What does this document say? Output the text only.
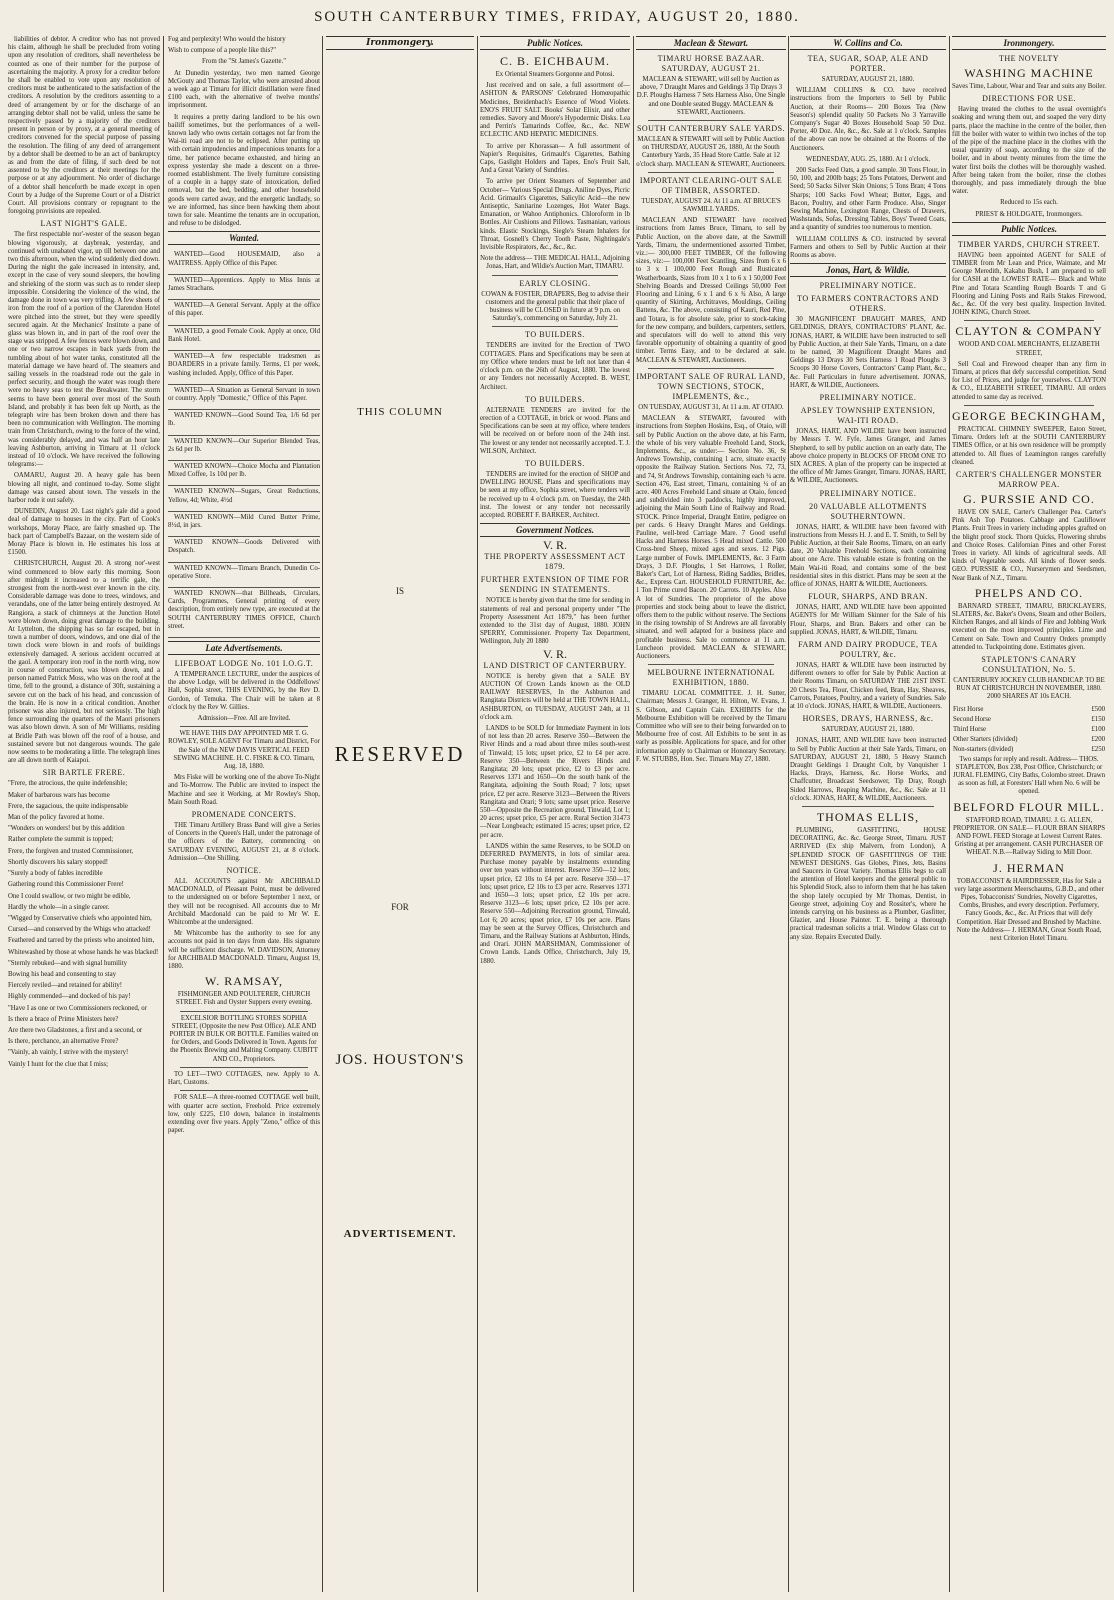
SOUTH CANTERBURY TIMES, FRIDAY, AUGUST 20, 1880.

liabilities of debtor. A creditor who has not proved his claim, although he shall be precluded from voting upon any resolution of creditors, shall nevertheless be counted as one of their number for the purpose of ascertaining the majority. A proxy for a creditor before he shall be enabled to vote upon any resolution of creditors must be authenticated to the satisfaction of the creditors. A resolution by the creditors assenting to a deed of arrangement by or for the discharge of an arranging debtor shall not be valid, unless the same be respectively passed by a majority of the creditors present in person or by proxy, at a general meeting of creditors convened for the special purpose of passing the resolution. The filing of any deed of arrangement by a debtor shall be deemed to be an act of bankruptcy as and from the date of filing, if such deed be not assented to by the creditors at their meetings for the purpose or at any adjournment. No order of discharge of a debtor shall henceforth be made except in open Court by a Judge of the Supreme Court or of a District Court. All provisions contrary or repugnant to the foregoing provisions are repealed.

LAST NIGHT'S GALE.

The first respectable nor'-wester of the season began blowing vigorously, at daybreak, yesterday, and continued with unabated vigor, up till between one and two this afternoon, when the wind suddenly died down. During the night the gale increased in intensity, and, except in the case of very sound sleepers, the howling and shrieking of the storm was such as to render sleep impossible. Considering the violence of the wind, the damage done in town was very trifling. A few sheets of iron from the roof of a portion of the Clarendon Hotel were pitched into the street, but they were speedily secured again. At the Mechanics' Institute a pane of glass was blown in, and in part of the roof over the stage was stripped. A few fences were blown down, and one or two narrow escapes in back yards from the tumbling about of hot water tanks, constituted all the material damage we have heard of. The steamers and sailing vessels in the roadstead rode out the gale in perfect security, and though the water was rough there were no heavy seas to test the Breakwater. The storm seems to have been general over most of the South Island, and probably it has been felt up North, as the telegraph wire has been broken down and there has been no communication with Wellington. The morning train from Christchurch, owing to the force of the wind, was considerably delayed, and was half an hour late leaving Ashburton, arriving in Timaru at 11 o'clock instead of 10 o'clock. We have received the following telegrams:—

OAMARU, August 20. A heavy gale has been blowing all night, and continued to-day. Some slight damage was caused about town. The vessels in the harbor rode it out safely.

DUNEDIN, August 20. Last night's gale did a good deal of damage to houses in the city. Part of Cook's workshops, Moray Place, are fairly smashed up. The back part of Campbell's Bazaar, on the western side of Moray Place is blown in. He estimates his loss at £1500.

CHRISTCHURCH, August 20. A strong nor'-west wind commenced to blow early this morning. Soon after midnight it increased to a terrific gale, the strongest from the north-west ever known in the city. Considerable damage was done to trees, windows, and verandahs, one of the latter being entirely destroyed. At Rangiora, a stack of chimneys at the Junction Hotel were blown down, doing great damage to the building. At Lyttelton, the shipping has so far escaped, but in town a number of doors, windows, and one dial of the town clock were blown in and roofs of buildings extensively damaged. A serious accident occurred at the gaol. A temporary iron roof in the north wing, now in course of construction, was blown down, and a person named Patrick Moss, who was on the roof at the time, fell to the ground, a distance of 30ft, sustaining a severe cut on the back of his head, and concussion of the brain. He is now in a critical condition. Another prisoner was also injured, but not seriously. The high fence surrounding the quarters of the Maori prisoners was also blown down. A son of Mr Williams, residing at Bridle Path was blown off the roof of a house, and sustained severe but not dangerous wounds. The gale now seems to be moderating a little. The telegraph lines are all down north of Kaiapoi.

SIR BARTLE FRERE.

"Frere, the atrocious, the quite indefensible;

Maker of barbarous wars has become

Frere, the sagacious, the quite indispensable

Man of the policy favored at home.

"Wonders on wonders! but by this addition

Rather complete the summit is topped;

Frere, the forgiven and trusted Commissioner,

Shortly discovers his salary stopped!

"Surely a body of fables incredible

Gathering round this Commissioner Frere!

One I could swallow, or two might be edible,

Hardly the whole—in a single career.

"Wigged by Conservative chiefs who appointed him,

Cursed—and conserved by the Whigs who attacked!

Feathered and tarred by the priests who anointed him,

Whitewashed by those at whose hands he was blacked!

"Sternly rebuked—and with signal humility

Bowing his head and consenting to stay

Fiercely reviled—and retained for ability!

Highly commended—and docked of his pay!

"Have I as one or two Commissioners reckoned, or

Is there a brace of Prime Ministers here?

Are there two Gladstones, a first and a second, or

Is there, perchance, an alternative Frere?

"Vainly, ah vainly, I strive with the mystery!

Vainly I hunt for the clue that I miss;

Fog and perplexity! Who would the history

Wish to compose of a people like this?"

From the "St James's Gazette."

At Dunedin yesterday, two men named George McGouty and Thomas Taylor, who were arrested about a week ago at Timaru for illicit distillation were fined £100 each, with the alternative of twelve months' imprisonment.

It requires a pretty daring landlord to be his own bailiff sometimes, but the performances of a well-known lady who owns certain cottages not far from the Wai-iti road are not to be eclipsed. After putting up with certain impudencies and impecunious tenants for a time, her patience became exhausted, and hiring an express yesterday she made a descent on a three-roomed establishment. The lively furniture consisting of a couple in a happy state of intoxication, defied removal, but the bed, bedding, and other household goods were carted away, and the energetic landlady, so we are informed, has since been hawking them about town for sale. Meantime the tenants are in occupation, and refuse to be dislodged.

Wanted.

WANTED—Good HOUSEMAID, also a WAITRESS. Apply Office of this Paper.

WANTED—Apprentices. Apply to Miss Innis at James Strachans.

WANTED—A General Servant. Apply at the office of this paper.

WANTED, a good Female Cook. Apply at once, Old Bank Hotel.

WANTED—A few respectable tradesmen as BOARDERS in a private family. Terms, £1 per week, washing included. Apply, Office of this Paper.

WANTED—A Situation as General Servant in town or country. Apply "Domestic," Office of this Paper.

WANTED KNOWN—Good Sound Tea, 1/6 6d per lb.

WANTED KNOWN—Our Superior Blended Teas, 2s 6d per lb.

WANTED KNOWN—Choice Mocha and Plantation Mixed Coffee, 1s 10d per lb.

WANTED KNOWN—Sugars, Great Reductions, Yellow, 4d; White, 4½d

WANTED KNOWN—Mild Cured Butter Prime, 8½d, in jars.

WANTED KNOWN—Goods Delivered with Despatch.

WANTED KNOWN—Timaru Branch, Dunedin Co-operative Store.

WANTED KNOWN—that Billheads, Circulars, Cards, Programmes, General printing of every description, from entirely new type, are executed at the SOUTH CANTERBURY TIMES OFFICE, Church street.

Late Advertisements.
LIFEBOAT LODGE No. 101 I.O.G.T.

A TEMPERANCE LECTURE, under the auspices of the above Lodge, will be delivered in the Oddfellows' Hall, Sophia street, THIS EVENING, by the Rev D. Gordon, of Temuka. The Chair will be taken at 8 o'clock by the Rev W. Gillies.

Admission—Free. All are Invited.

WE HAVE THIS DAY APPOINTED MR T. G. ROWLEY, SOLE AGENT For Timaru and District, For the Sale of the NEW DAVIS VERTICAL FEED SEWING MACHINE. H. C. FISKE & CO. Timaru, Aug. 18, 1880.

Mrs Fiske will be working one of the above To-Night and To-Morrow. The Public are invited to inspect the Machine and see it Working, at Mr Rowley's Shop, Main South Road.

PROMENADE CONCERTS.

THE Timaru Artillery Brass Band will give a Series of Concerts in the Queen's Hall, under the patronage of the officers of the Battery, commencing on SATURDAY EVENING, AUGUST 21, at 8 o'clock. Admission—One Shilling.

NOTICE.

ALL ACCOUNTS against Mr ARCHIBALD MACDONALD, of Pleasant Point, must be delivered to the undersigned on or before September 1 next, or they will not be recognised. All accounts due to Mr Archibald Macdonald can be paid to Mr W. E. Whitcombe at the undersigned.

Mr Whitcombe has the authority to see for any accounts not paid in ten days from date. His signature will be sufficient discharge. W. DAVIDSON, Attorney for ARCHIBALD MACDONALD. Timaru, August 19, 1880.

W. RAMSAY,

FISHMONGER AND POULTERER, CHURCH STREET. Fish and Oyster Suppers every evening.

EXCELSIOR BOTTLING STORES SOPHIA STREET, (Opposite the new Post Office). ALE AND PORTER IN BULK OR BOTTLE. Families waited on for Orders, and Goods Delivered in Town. Agents for the Phoenix Brewing and Malting Company. CUBITT AND CO., Proprietors.

TO LET—TWO COTTAGES, new. Apply to A. Hart, Customs.

FOR SALE—A three-roomed COTTAGE well built, with quarter acre section, Freehold. Price extremely low, only £225, £10 down, balance in instalments extending over five years. Apply "Zeno," office of this paper.

Ironmongery.
THIS COLUMN
IS
RESERVED
FOR
JOS. HOUSTON'S
ADVERTISEMENT.
Public Notices.
C. B. EICHBAUM.

Ex Oriental Steamers Gorgonne and Potosi.

Just received and on sale, a full assortment of— ASHTON & PARSONS' Celebrated Homœopathic Medicines, Breidenbach's Essence of Wood Violets. ENO'S FRUIT SALT. Books' Solar Elixir, and other remedies. Savory and Moore's Hypodermic Disks. Lea and Perrin's Tamarinds Coffee, &c., &c. NEW ECLECTIC AND HEPATIC MEDICINES.

To arrive per Khorassan— A full assortment of Napier's Requisites, Grimault's Cigarettes, Bathing Caps, Gaslight Holders and Tapes, Eno's Fruit Salt, And a Great Variety of Sundries.

To arrive per Orient Steamers of September and October— Various Special Drugs. Aniline Dyes, Picric Acid. Grimault's Cigarettes, Salicylic Acid—the new Antiseptic, Sanitarine Lozenges, Hot Water Bags. Emanation, or Wahoo Antiphonics. Chloroform in lb Bottles. Air Cushions and Pillows. Tasmanian, various kinds. Elastic Stockings, Siegle's Steam Inhalers for Throat, Gosnell's Cherry Tooth Paste, Nightingale's Invisible Respirators, &c., &c., &c.

Note the address— THE MEDICAL HALL, Adjoining Jonas, Hart, and Wildie's Auction Mart, TIMARU.

EARLY CLOSING.

COWAN & FOSTER, DRAPERS, Beg to advise their customers and the general public that their place of business will be CLOSED in future at 9 p.m. on Saturday's, commencing on Saturday, July 21.

TO BUILDERS.

TENDERS are invited for the Erection of TWO COTTAGES. Plans and Specifications may be seen at my Office where tenders must be left not later than 4 o'clock p.m. on the 26th of August, 1880. The lowest or any Tenders not necessarily Accepted. B. WEST, Architect.

TO BUILDERS.

ALTERNATE TENDERS are invited for the erection of a COTTAGE, in brick or wood. Plans and Specifications can be seen at my office, where tenders will be received on or before noon of the 24th inst. The lowest or any tender not necessarily accepted. T. J. WILSON, Architect.

TO BUILDERS.

TENDERS are invited for the erection of SHOP and DWELLING HOUSE. Plans and specifications may be seen at my office, Sophia street, where tenders will be received up to 4 o'clock p.m. on Tuesday, the 24th inst. The lowest or any tender not necessarily accepted. ROBERT F. BARKER, Architect.

Government Notices.
V. R.
THE PROPERTY ASSESSMENT ACT 1879.
FURTHER EXTENSION OF TIME FOR SENDING IN STATEMENTS.

NOTICE is hereby given that the time for sending in statements of real and personal property under "The Property Assessment Act 1879," has been further extended to the 31st day of August, 1880. JOHN SPERRY, Commissioner. Property Tax Department, Wellington, July 20 1880

V. R.
LAND DISTRICT OF CANTERBURY.

NOTICE is hereby given that a SALE BY AUCTION Of Crown Lands known as the OLD RAILWAY RESERVES, In the Ashburton and Rangitata Districts will be held at THE TOWN HALL, ASHBURTON, on TUESDAY, AUGUST 24th, at 11 o'clock a.m.

LANDS to be SOLD for Immediate Payment in lots of not less than 20 acres. Reserve 350—Between the River Hinds and a road about three miles south-west of Tinwald; 15 lots; upset price, £2 to £4 per acre. Reserve 350—Between the Rivers Hinds and Rangitata; 20 lots; upset price, £2 to £3 per acre. Reserves 1371 and 1650—On the south bank of the Rangitata, adjoining the South Road; 7 lots; upset price, £2 per acre. Reserve 3123—Between the Rivers Rangitata and Orari; 9 lots; same upset price. Reserve 550—Opposite the Recreation ground, Tinwald, Lot 1; 20 acres; upset price, £5 per acre. Rural Section 31473—Near Longbeach; estimated 15 acres; upset price, £2 per acre.

LANDS within the same Reserves, to be SOLD on DEFERRED PAYMENTS, in lots of similar area. Purchase money payable by instalments extending over ten years without interest. Reserve 350—12 lots; upset price, £2 10s to £4 per acre. Reserve 350—17 lots; upset price, £2 10s to £3 per acre. Reserves 1371 and 1650—3 lots; upset price, £2 10s per acre. Reserve 3123—6 lots; upset price, £2 10s per acre. Reserve 550—Adjoining Recreation ground, Tinwald, Lot 6; 20 acres; upset price, £7 10s per acre. Plans may be seen at the Survey Offices, Christchurch and Timaru, and the Railway Stations at Ashburton, Hinds, and Orari. JOHN MARSHMAN, Commissioner of Crown Lands. Lands Office, Christchurch, July 19, 1880.

Maclean & Stewart.
TIMARU HORSE BAZAAR. SATURDAY, AUGUST 21.

MACLEAN & STEWART, will sell by Auction as above, 7 Draught Mares and Geldings 3 Tip Drays 3 D.F. Ploughs Harness 7 Sets Harness Also, One Single and one Double seated Buggy. MACLEAN & STEWART, Auctioneers.

SOUTH CANTERBURY SALE YARDS.

MACLEAN & STEWART will sell by Public Auction on THURSDAY, AUGUST 26, 1880, At the South Canterbury Yards, 35 Head Store Cattle. Sale at 12 o'clock sharp. MACLEAN & STEWART, Auctioneers.

IMPORTANT CLEARING-OUT SALE OF TIMBER, ASSORTED.

TUESDAY, AUGUST 24. At 11 a.m. AT BRUCE'S SAWMILL YARDS.

MACLEAN AND STEWART have received instructions from James Bruce, Timaru, to sell by Public Auction, on the above date, at the Sawmill Yards, Timaru, the undermentioned assorted Timber, viz.:— 300,000 FEET TIMBER, Of the following sizes, viz:— 100,000 Feet Scantling, Sizes from 6 x 6 to 3 x 1 100,000 Feet Rough and Rusticated Weatherboards, Sizes from 10 x 1 to 6 x 1 50,000 Feet Shelving Boards and Dressed Ceilings 50,000 Feet Flooring and Lining, 6 x 1 and 6 x ¾ Also, A large quantity of Skirting, Architraves, Mouldings, Ceiling Battens, &c. The above, consisting of Kauri, Red Pine, and Totara, is for absolute sale, prior to stock-taking for the new company, and builders, carpenters, settlers, and speculators will do well to attend this very favorable opportunity of obtaining a quantity of good timber. Terms Easy, and to be declared at sale. MACLEAN & STEWART, Auctioneers.

IMPORTANT SALE OF RURAL LAND, TOWN SECTIONS, STOCK, IMPLEMENTS, &c.,

ON TUESDAY, AUGUST 31, At 11 a.m. AT OTAIO.

MACLEAN & STEWART, favoured with instructions from Stephen Hoskins, Esq., of Otaio, will sell by Public Auction on the above date, at his Farm, the whole of his very valuable Freehold Land, Stock, Implements, &c., as under:— Section No. 36, St Andrews Township, containing 1 acre, situate exactly opposite the Railway Station. Sections Nos. 72, 73, and 74, St Andrews Township, containing each ¼ acre. Section 476, East street, Timaru, containing ¼ of an acre. 400 Acres Freehold Land situate at Otaio, fenced and subdivided into 3 paddocks, highly improved, adjoining the Main South Line of Railway and Road. STOCK. Prince Imperial, Draught Entire, pedigree on per cards. 6 Heavy Draught Mares and Geldings. Pauline, well-bred Carriage Mare. 7 Good useful Hacks and Harness Horses. 5 Head mixed Cattle. 500 Cross-bred Sheep, mixed ages and sexes. 12 Pigs. Large number of Fowls. IMPLEMENTS, &c. 3 Farm Drays, 3 D.F. Ploughs, 1 Set Harrows, 1 Roller, Baker's Cart, Lot of Harness, Riding Saddles, Bridles, &c., Express Cart. HOUSEHOLD FURNITURE, &c. 1 Ton Prime cured Bacon. 20 Carrots. 10 Apples. Also A lot of Sundries. The proprietor of the above properties and stock being about to leave the district, offers them to the public without reserve. The Sections in the rising township of St Andrews are all favorably situated, and well adapted for a business place and profitable business. Sale to commence at 11 a.m. Luncheon provided. MACLEAN & STEWART, Auctioneers.

MELBOURNE INTERNATIONAL EXHIBITION, 1880.

TIMARU LOCAL COMMITTEE. J. H. Sutter, Chairman; Messrs J. Granger, H. Hilton, W. Evans, J. S. Gibson, and Captain Cain. EXHIBITS for the Melbourne Exhibition will be received by the Timaru Committee who will see to their being forwarded on to Melbourne free of cost. All Exhibits to be sent in as early as possible. Applications for space, and for other information apply to Chairman or Honorary Secretary. F. W. STUBBS, Hon. Sec. Timaru May 27, 1880.

W. Collins and Co.
TEA, SUGAR, SOAP, ALE AND PORTER.

SATURDAY, AUGUST 21, 1880.

WILLIAM COLLINS & CO. have received instructions from the Importers to Sell by Public Auction, at their Rooms— 200 Boxes Tea (New Season's) splendid quality 50 Packets No 3 Yarraville Company's Sugar 40 Boxes Household Soap 50 Doz. Porter, 40 Doz. Ale, &c., &c. Sale at 1 o'clock. Samples of the above can now be obtained at the Rooms of the Auctioneers.

WEDNESDAY, AUG. 25, 1880. At 1 o'clock.

200 Sacks Feed Oats, a good sample. 30 Tons Flour, in 50, 100, and 200lb bags; 25 Tons Potatoes, Derwent and Seed; 50 Sacks Silver Skin Onions; 5 Tons Bran; 4 Tons Sharps; 100 Sacks Fowl Wheat; Butter, Eggs, and Bacon, Poultry, and other Farm Produce. Also, Singer Sewing Machine, Lexington Range, Chests of Drawers, Washstands, Sofas, Dressing Tables, Boys' Tweed Coats, and a quantity of sundries too numerous to mention.

WILLIAM COLLINS & CO. instructed by several Farmers and others to Sell by Public Auction at their Rooms as above.

Jonas, Hart, & Wildie.
PRELIMINARY NOTICE.
TO FARMERS CONTRACTORS AND OTHERS.

30 MAGNIFICENT DRAUGHT MARES, AND GELDINGS, DRAYS, CONTRACTORS' PLANT, &c. JONAS, HART, & WILDIE have been instructed to sell by Public Auction, at their Sale Yards, Timaru, on a date to be named, 30 Magnificent Draught Mares and Geldings 13 Drays 30 Sets Harness 1 Road Ploughs 3 Scoops 30 Horse Covers, Contractors' Camp Plant, &c., &c. Full Particulars in future advertisement. JONAS, HART, & WILDIE, Auctioneers.

PRELIMINARY NOTICE.
APSLEY TOWNSHIP EXTENSION, WAI-ITI ROAD.

JONAS, HART, AND WILDIE have been instructed by Messrs T. W. Fyfe, James Granger, and James Shepherd, to sell by public auction on an early date, The above choice property in BLOCKS OF FROM ONE TO SIX ACRES. A plan of the property can be inspected at the office of Mr James Granger, Timaru. JONAS, HART, & WILDIE, Auctioneers.

PRELIMINARY NOTICE.
20 VALUABLE ALLOTMENTS SOUTHERNTOWN.

JONAS, HART, & WILDIE have been favored with instructions from Messrs H. J. and E. T. Smith, to Sell by Public Auction, at their Sale Rooms, Timaru, on an early date, 20 Valuable Freehold Sections, each containing about one Acre. This valuable estate is fronting on the Main Wai-iti Road, and contains some of the best residential sites in this district. Plans may be seen at the office of JONAS, HART & WILDIE, Auctioneers.

FLOUR, SHARPS, AND BRAN.

JONAS, HART, AND WILDIE have been appointed AGENTS for Mr William Skinner for the Sale of his Flour, Sharps, and Bran. Bakers and other can be supplied. JONAS, HART, & WILDIE, Timaru.

FARM AND DAIRY PRODUCE, TEA POULTRY, &c.

JONAS, HART & WILDIE have been instructed by different owners to offer for Sale by Public Auction at their Rooms Timaru, on SATURDAY THE 21ST INST. 20 Chests Tea, Flour, Chicken feed, Bran, Hay, Sheaves, Carrots, Potatoes, Poultry, and a variety of Sundries. Sale at 10 o'clock. JONAS, HART, & WILDIE, Auctioneers.

HORSES, DRAYS, HARNESS, &c.

SATURDAY, AUGUST 21, 1880.

JONAS, HART, AND WILDIE have been instructed to Sell by Public Auction at their Sale Yards, Timaru, on SATURDAY, AUGUST 21, 1880, 5 Heavy Staunch Draught Geldings 1 Draught Colt, by Vanquisher 1 Hacks, Drays, Harness, &c. Horse Works, and Chaffcutter, Broadcast Seedsower, Tip Dray, Rough Sided Harrows, Reaping Machine, &c., &c. Sale at 11 o'clock. JONAS, HART, & WILDIE, Auctioneers.

THOMAS ELLIS,

PLUMBING, GASFITTING, HOUSE DECORATING, &c. &c. George Street, Timaru. JUST ARRIVED (Ex ship Malvern, from London), A SPLENDID STOCK OF GASFITTINGS OF THE NEWEST DESIGNS. Gas Globes, Pines, Jets, Basins and Saucers in Great Variety. Thomas Ellis begs to call the attention of Hotel keepers and the general public to his Splendid Stock, also to inform them that he has taken the shop lately occupied by Mr Thomas, Dentist, in George street, adjoining Coy and Rossiter's, where he intends carrying on his business as a Plumber, Gasfitter, Glazier, and House Painter. T. E. being a thorough practical tradesman solicits a trial. Window Glass cut to any size. Repairs Executed Daily.

Ironmongery.
THE NOVELTY
WASHING MACHINE

Saves Time, Labour, Wear and Tear and suits any Boiler.

DIRECTIONS FOR USE.

Having treated the clothes to the usual overnight's soaking and wrung them out, and soaped the very dirty parts, place the machine in the centre of the boiler, then fill the boiler with water to within two inches of the top of the pipe of the machine place in the clothes with the usual quantity of soap, according to the size of the boiler, and in about twenty minutes from the time the water first boils the clothes will be thoroughly washed. After being taken from the boiler, rinse the clothes thoroughly, and pass immediately through the blue water.

Reduced to 15s each.

PRIEST & HOLDGATE, Ironmongers.

Public Notices.
TIMBER YARDS, CHURCH STREET.

HAVING been appointed AGENT for SALE of TIMBER from Mr Lean and Price, Waimate, and Mr George Meredith, Kakahu Bush, I am prepared to sell for CASH at the LOWEST RATE— Black and White Pine and Totara Scantling Rough Boards T and G Flooring and Lining Posts and Rails Stakes Firewood, &c., &c. Of the very best quality. Inspection Invited. JOHN KING, Church Street.

CLAYTON & COMPANY

WOOD AND COAL MERCHANTS, ELIZABETH STREET,

Sell Coal and Firewood cheaper than any firm in Timaru, at prices that defy successful competition. Send for List of Prices, and judge for yourselves. CLAYTON & CO., ELIZABETH STREET, TIMARU. All orders attended to same day as received.

GEORGE BECKINGHAM,

PRACTICAL CHIMNEY SWEEPER, Eaton Street, Timaru. Orders left at the SOUTH CANTERBURY TIMES Office, or at his own residence will be promptly attended to. All flues of Leamington ranges carefully cleaned.

CARTER'S CHALLENGER MONSTER MARROW PEA.
G. PURSSIE AND CO.

HAVE ON SALE, Carter's Challenger Pea. Carter's Pink Ash Top Potatoes. Cabbage and Cauliflower Plants. Fruit Trees in variety including apples grafted on the blight proof stock. Thorn Quicks, Flowering shrubs and Choice Roses. Californian Pines and other Forest Trees in variety. All kinds of agricultural seeds. All kinds of Vegetable seeds. All kinds of flower seeds. GEO. PURSSIE & CO., Nurserymen and Seedsmen, Near Bank of N.Z., Timaru.

PHELPS AND CO.

BARNARD STREET, TIMARU, BRICKLAYERS, SLATERS, &c. Baker's Ovens, Steam and other Boilers, Kitchen Ranges, and all kinds of Fire and Jobbing Work executed on the most improved principles. Lime and Cement on Sale. Town and Country Orders promptly attended to. Tuckpointing done. Estimates given.

STAPLETON'S CANARY CONSULTATION, No. 5.

CANTERBURY JOCKEY CLUB HANDICAP. TO BE RUN AT CHRISTCHURCH IN NOVEMBER, 1880. 2000 SHARES AT 10s EACH.

First Horse	£500
Second Horse	£150
Third Horse	£100
Other Starters (divided)	£200
Non-starters (divided)	£250

Two stamps for reply and result. Address— THOS. STAPLETON, Box 238, Post Office, Christchurch; or JURAL FLEMING, City Baths, Colombo street. Drawn as soon as full, at Foresters' Hall when No. 6 will be opened.

BELFORD FLOUR MILL.

STAFFORD ROAD, TIMARU. J. G. ALLEN, PROPRIETOR. ON SALE— FLOUR BRAN SHARPS AND FOWL FEED Storage at Lowest Current Rates. Gristing at per arrangement. CASH PURCHASER OF WHEAT. N.B.—Railway Siding to Mill Door.

J. HERMAN

TOBACCONIST & HAIRDRESSER, Has for Sale a very large assortment Meerschaums, G.B.D., and other Pipes, Tobacconists' Sundries, Novelty Cigarettes, Combs, Brushes, and every description. Perfumery, Fancy Goods, &c., &c. At Prices that will defy Competition. Hair Dressed and Brushed by Machine. Note the Address— J. HERMAN, Great South Road, next Criterion Hotel Timaru.
